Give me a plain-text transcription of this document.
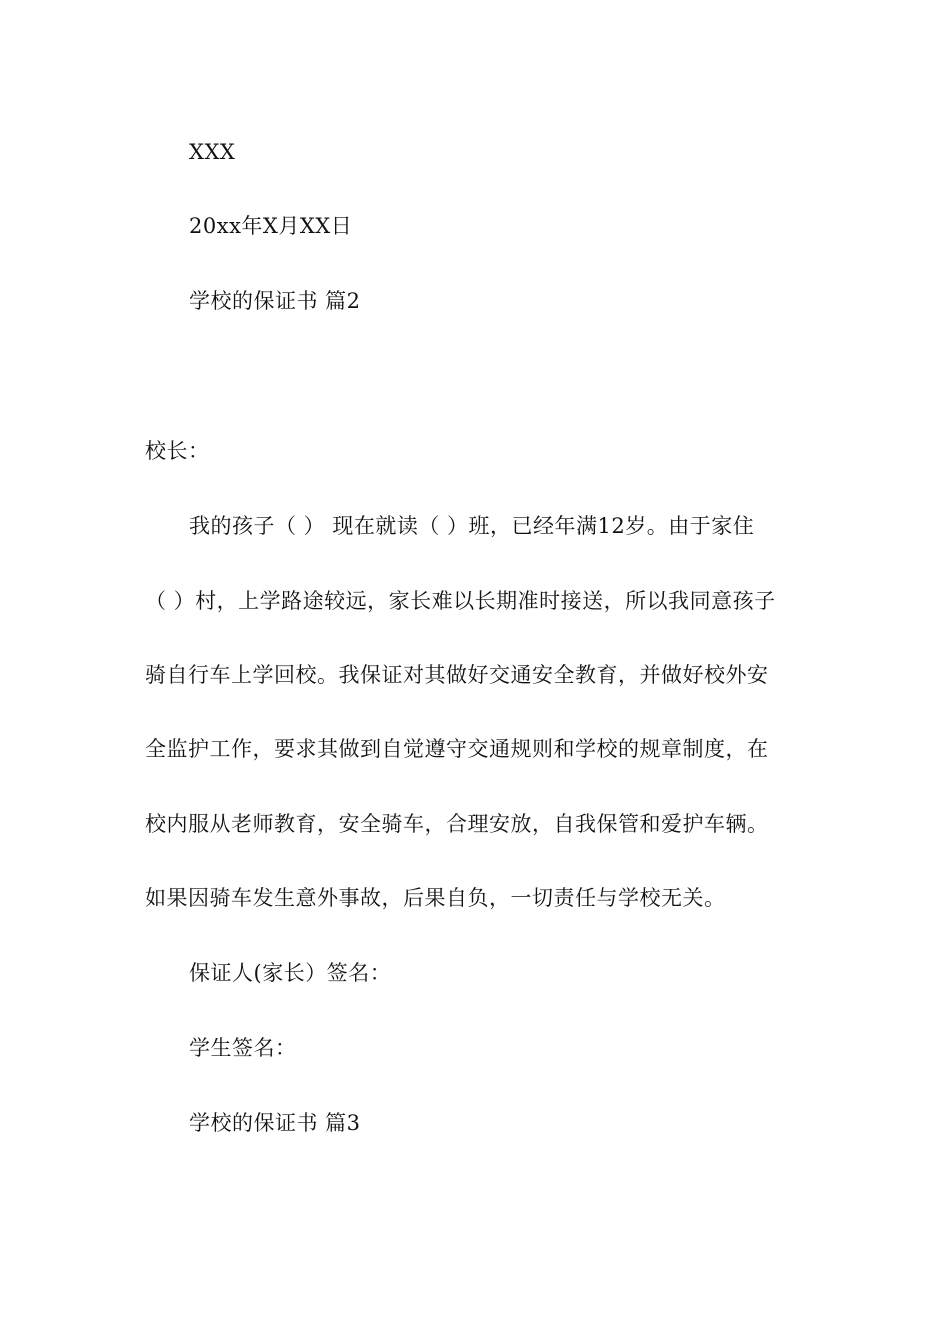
XXX
20xx年X月XX日
学校的保证书 篇2
校长：
我的孩子（ ） 现在就读（ ）班，已经年满12岁。由于家住
（ ）村，上学路途较远，家长难以长期准时接送，所以我同意孩子
骑自行车上学回校。我保证对其做好交通安全教育，并做好校外安
全监护工作，要求其做到自觉遵守交通规则和学校的规章制度，在
校内服从老师教育，安全骑车，合理安放，自我保管和爱护车辆。
如果因骑车发生意外事故，后果自负，一切责任与学校无关。
保证人(家长）签名：
学生签名：
学校的保证书 篇3
